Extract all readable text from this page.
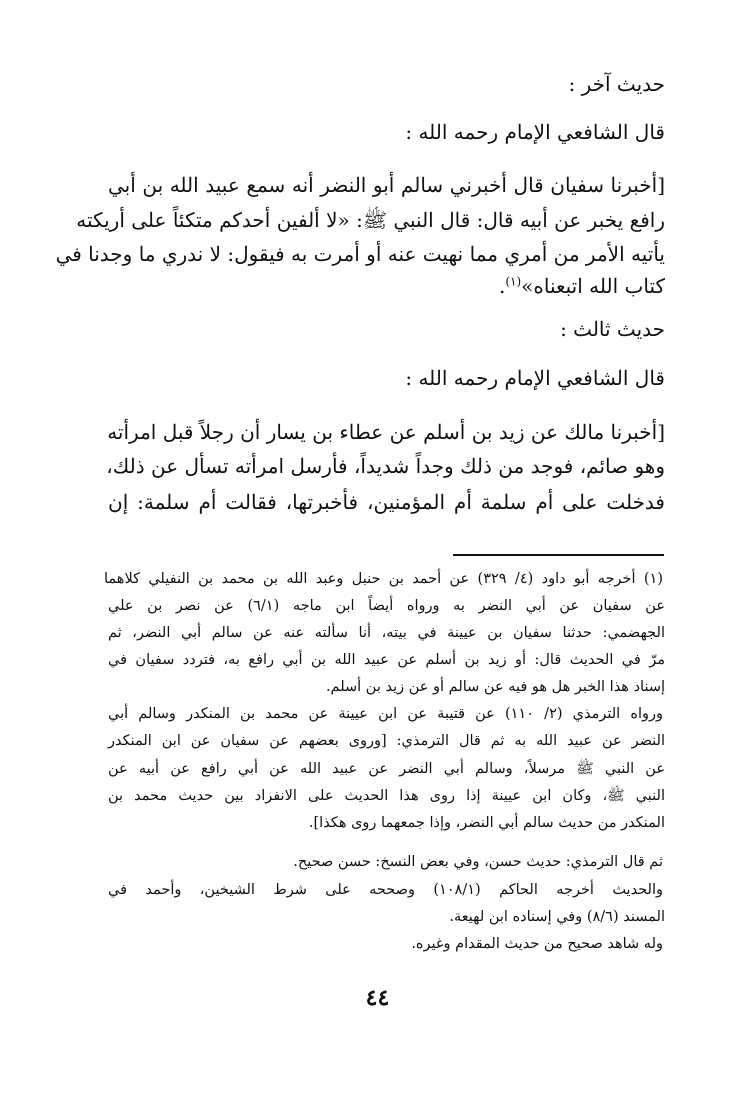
حديث آخر :
قال الشافعي الإمام رحمه الله :
[أخبرنا سفيان قال أخبرني سالم أبو النضر أنه سمع عبيد الله بن أبي
رافع يخبر عن أبيه قال: قال النبي ﷺ: «لا ألفين أحدكم متكئاً على أريكته
يأتيه الأمر من أمري مما نهيت عنه أو أمرت به فيقول: لا ندري ما وجدنا في
كتاب الله اتبعناه»$^{(١)}$.
حديث ثالث :
قال الشافعي الإمام رحمه الله :
[أخبرنا مالك عن زيد بن أسلم عن عطاء بن يسار أن رجلاً قبل امرأته
وهو صائم، فوجد من ذلك وجداً شديداً، فأرسل امرأته تسأل عن ذلك،
فدخلت على أم سلمة أم المؤمنين، فأخبرتها، فقالت أم سلمة: إن
(١) أخرجه أبو داود (٤/ ٣٢٩) عن أحمد بن حنبل وعبد الله بن محمد بن النفيلي كلاهما
عن سفيان عن أبي النضر به ورواه أيضاً ابن ماجه (٦/١) عن نصر بن علي
الجهضمي: حدثنا سفيان بن عيينة في بيته، أنا سألته عنه عن سالم أبي النضر، ثم
مرّ في الحديث قال: أو زيد بن أسلم عن عبيد الله بن أبي رافع به، فتردد سفيان في
إسناد هذا الخبر هل هو فيه عن سالم أو عن زيد بن أسلم.
ورواه الترمذي (٢/ ١١٠) عن قتيبة عن ابن عيينة عن محمد بن المنكدر وسالم أبي
النضر عن عبيد الله به ثم قال الترمذي: [وروى بعضهم عن سفيان عن ابن المنكدر
عن النبي ﷺ مرسلاً، وسالم أبي النضر عن عبيد الله عن أبي رافع عن أبيه عن
النبي ﷺ، وكان ابن عيينة إذا روى هذا الحديث على الانفراد بين حديث محمد بن
المنكدر من حديث سالم أبي النضر، وإذا جمعهما روى هكذا].
ثم قال الترمذي: حديث حسن، وفي بعض النسخ: حسن صحيح.
والحديث أخرجه الحاكم (١٠٨/١) وصححه على شرط الشيخين، وأحمد في
المسند (٨/٦) وفي إسناده ابن لهيعة.
وله شاهد صحيح من حديث المقدام وغيره.
٤٤
